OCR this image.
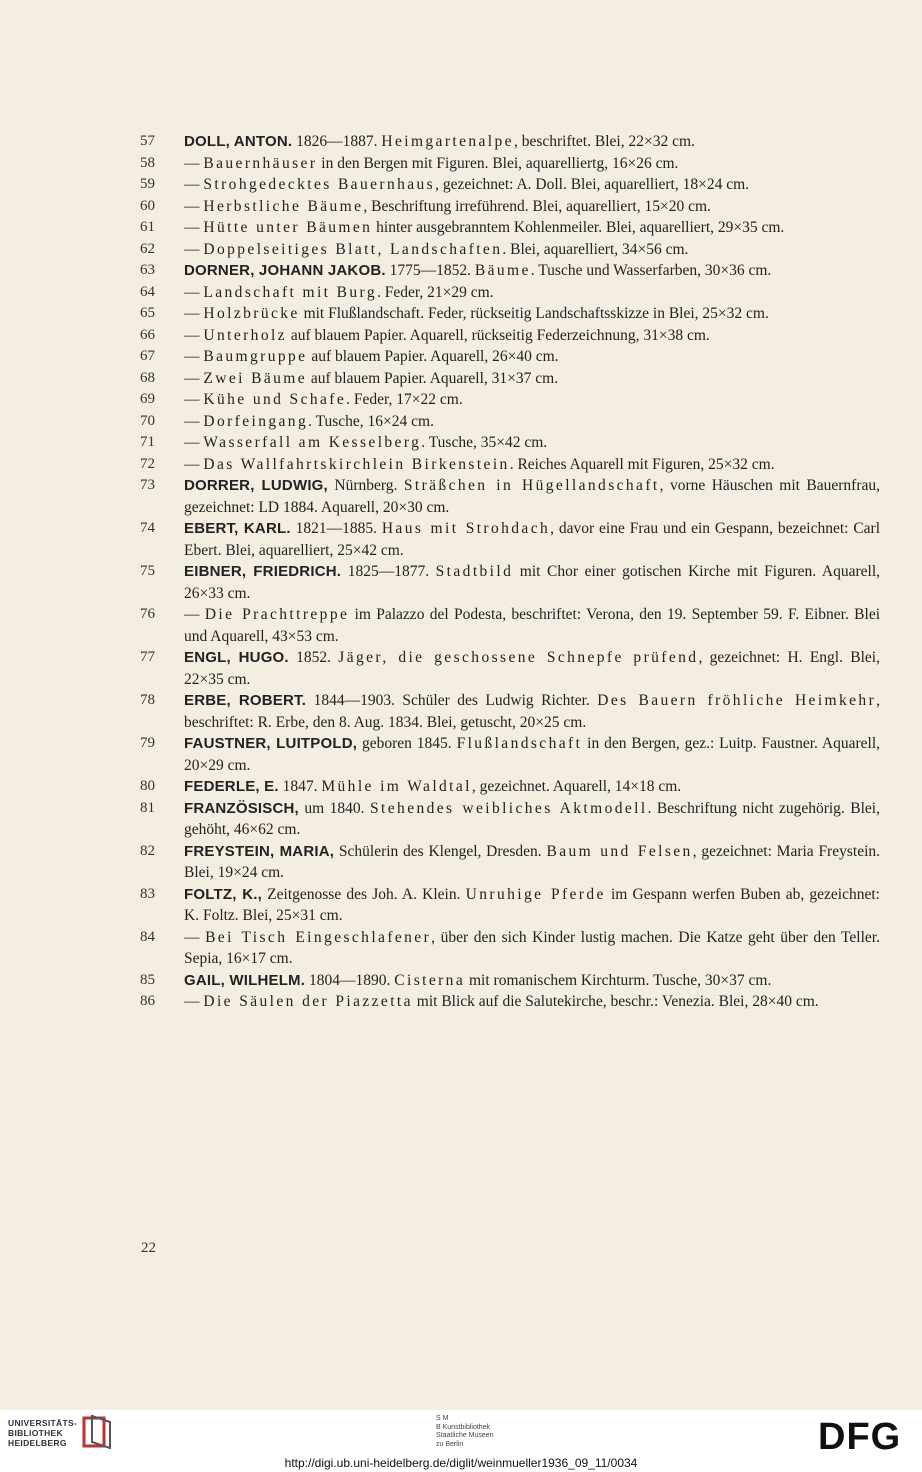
57	DOLL, ANTON. 1826—1887. Heimgartenalpe, beschriftet. Blei, 22×32 cm.
58	— Bauernhäuser in den Bergen mit Figuren. Blei, aquarelliertg, 16×26 cm.
59	— Strohgedecktes Bauernhaus, gezeichnet: A. Doll. Blei, aquarelliert, 18×24 cm.
60	— Herbstliche Bäume, Beschriftung irreführend. Blei, aquarelliert, 15×20 cm.
61	— Hütte unter Bäumen hinter ausgebranntem Kohlenmeiler. Blei, aquarelliert, 29×35 cm.
62	— Doppelseitiges Blatt, Landschaften. Blei, aquarelliert, 34×56 cm.
63	DORNER, JOHANN JAKOB. 1775—1852. Bäume. Tusche und Wasserfarben, 30×36 cm.
64	— Landschaft mit Burg. Feder, 21×29 cm.
65	— Holzbrücke mit Flußlandschaft. Feder, rückseitig Landschaftsskizze in Blei, 25×32 cm.
66	— Unterholz auf blauem Papier. Aquarell, rückseitig Federzeichnung, 31×38 cm.
67	— Baumgruppe auf blauem Papier. Aquarell, 26×40 cm.
68	— Zwei Bäume auf blauem Papier. Aquarell, 31×37 cm.
69	— Kühe und Schafe. Feder, 17×22 cm.
70	— Dorfeingang. Tusche, 16×24 cm.
71	— Wasserfall am Kesselberg. Tusche, 35×42 cm.
72	— Das Wallfahrtskirchlein Birkenstein. Reiches Aquarell mit Figuren, 25×32 cm.
73	DORRER, LUDWIG, Nürnberg. Sträßchen in Hügellandschaft, vorne Häuschen mit Bauernfrau, gezeichnet: LD 1884. Aquarell, 20×30 cm.
74	EBERT, KARL. 1821—1885. Haus mit Strohdach, davor eine Frau und ein Gespann, bezeichnet: Carl Ebert. Blei, aquarelliert, 25×42 cm.
75	EIBNER, FRIEDRICH. 1825—1877. Stadtbild mit Chor einer gotischen Kirche mit Figuren. Aquarell, 26×33 cm.
76	— Die Prachttreppe im Palazzo del Podesta, beschriftet: Verona, den 19. September 59. F. Eibner. Blei und Aquarell, 43×53 cm.
77	ENGL, HUGO. 1852. Jäger, die geschossene Schnepfe prüfend, gezeichnet: H. Engl. Blei, 22×35 cm.
78	ERBE, ROBERT. 1844—1903. Schüler des Ludwig Richter. Des Bauern fröhliche Heimkehr, beschriftet: R. Erbe, den 8. Aug. 1834. Blei, getuscht, 20×25 cm.
79	FAUSTNER, LUITPOLD, geboren 1845. Flußlandschaft in den Bergen, gez.: Luitp. Faustner. Aquarell, 20×29 cm.
80	FEDERLE, E. 1847. Mühle im Waldtal, gezeichnet. Aquarell, 14×18 cm.
81	FRANZÖSISCH, um 1840. Stehendes weibliches Aktmodell. Beschriftung nicht zugehörig. Blei, gehöht, 46×62 cm.
82	FREYSTEIN, MARIA, Schülerin des Klengel, Dresden. Baum und Felsen, gezeichnet: Maria Freystein. Blei, 19×24 cm.
83	FOLTZ, K., Zeitgenosse des Joh. A. Klein. Unruhige Pferde im Gespann werfen Buben ab, gezeichnet: K. Foltz. Blei, 25×31 cm.
84	— Bei Tisch Eingeschlafener, über den sich Kinder lustig machen. Die Katze geht über den Teller. Sepia, 16×17 cm.
85	GAIL, WILHELM. 1804—1890. Cisterna mit romanischem Kirchturm. Tusche, 30×37 cm.
86	— Die Säulen der Piazzetta mit Blick auf die Salutekirche, beschr.: Venezia. Blei, 28×40 cm.
22
UNIVERSITÄTS-
BIBLIOTHEK
HEIDELBERG
S M
B Kunstbibliothek
Staatliche Museen
zu Berlin	DFG
http://digi.ub.uni-heidelberg.de/diglit/weinmueller1936_09_11/0034
